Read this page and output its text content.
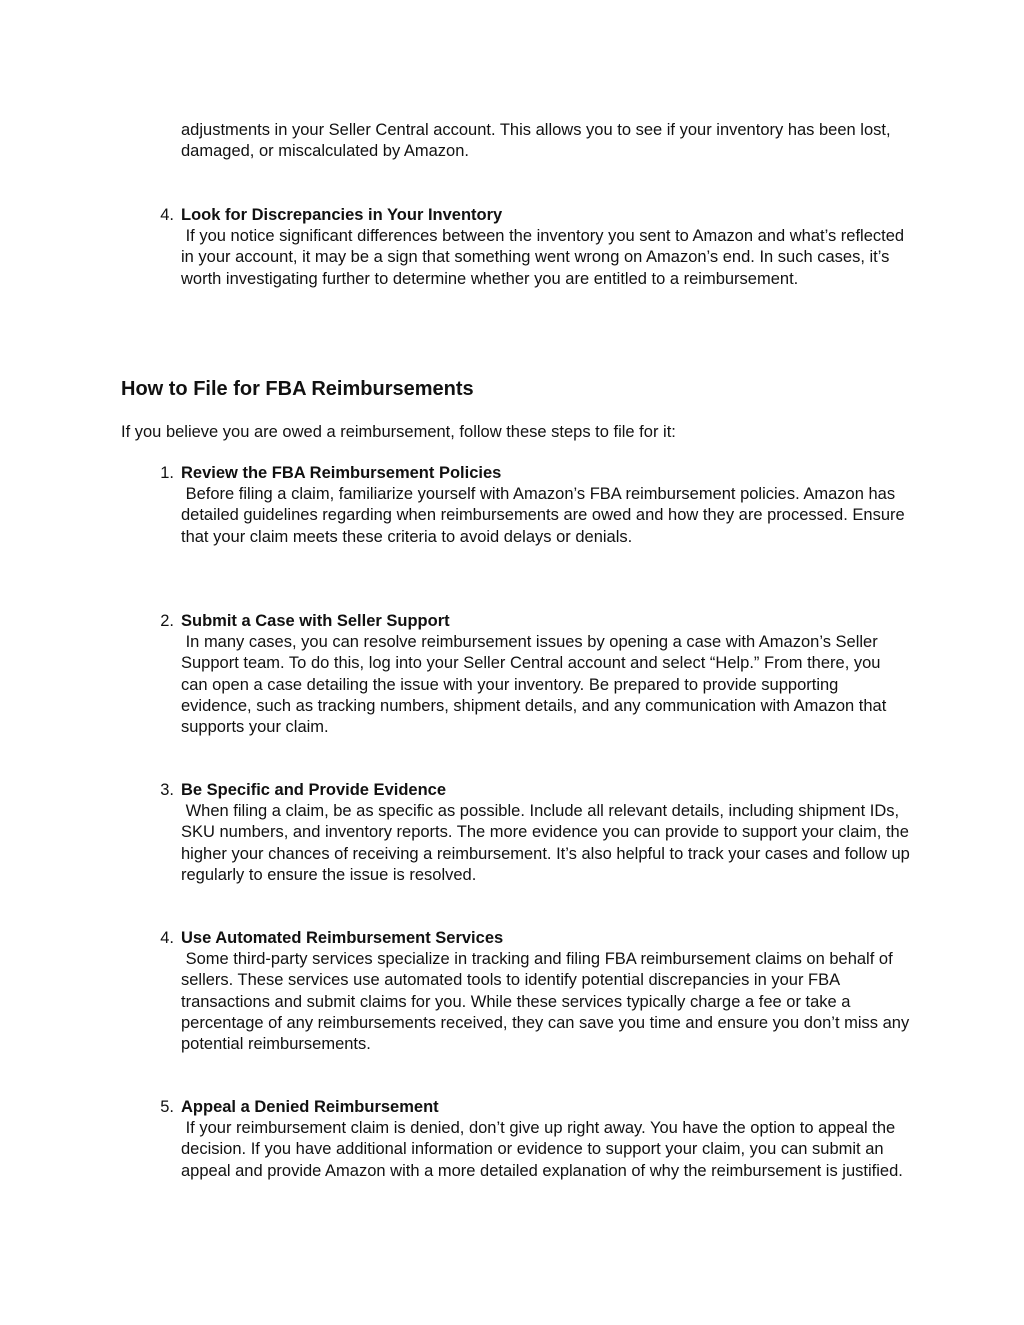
adjustments in your Seller Central account. This allows you to see if your inventory has been lost, damaged, or miscalculated by Amazon.
4. Look for Discrepancies in Your Inventory
If you notice significant differences between the inventory you sent to Amazon and what’s reflected in your account, it may be a sign that something went wrong on Amazon’s end. In such cases, it’s worth investigating further to determine whether you are entitled to a reimbursement.
How to File for FBA Reimbursements
If you believe you are owed a reimbursement, follow these steps to file for it:
1. Review the FBA Reimbursement Policies
Before filing a claim, familiarize yourself with Amazon’s FBA reimbursement policies. Amazon has detailed guidelines regarding when reimbursements are owed and how they are processed. Ensure that your claim meets these criteria to avoid delays or denials.
2. Submit a Case with Seller Support
In many cases, you can resolve reimbursement issues by opening a case with Amazon’s Seller Support team. To do this, log into your Seller Central account and select “Help.” From there, you can open a case detailing the issue with your inventory. Be prepared to provide supporting evidence, such as tracking numbers, shipment details, and any communication with Amazon that supports your claim.
3. Be Specific and Provide Evidence
When filing a claim, be as specific as possible. Include all relevant details, including shipment IDs, SKU numbers, and inventory reports. The more evidence you can provide to support your claim, the higher your chances of receiving a reimbursement. It’s also helpful to track your cases and follow up regularly to ensure the issue is resolved.
4. Use Automated Reimbursement Services
Some third-party services specialize in tracking and filing FBA reimbursement claims on behalf of sellers. These services use automated tools to identify potential discrepancies in your FBA transactions and submit claims for you. While these services typically charge a fee or take a percentage of any reimbursements received, they can save you time and ensure you don’t miss any potential reimbursements.
5. Appeal a Denied Reimbursement
If your reimbursement claim is denied, don’t give up right away. You have the option to appeal the decision. If you have additional information or evidence to support your claim, you can submit an appeal and provide Amazon with a more detailed explanation of why the reimbursement is justified.
